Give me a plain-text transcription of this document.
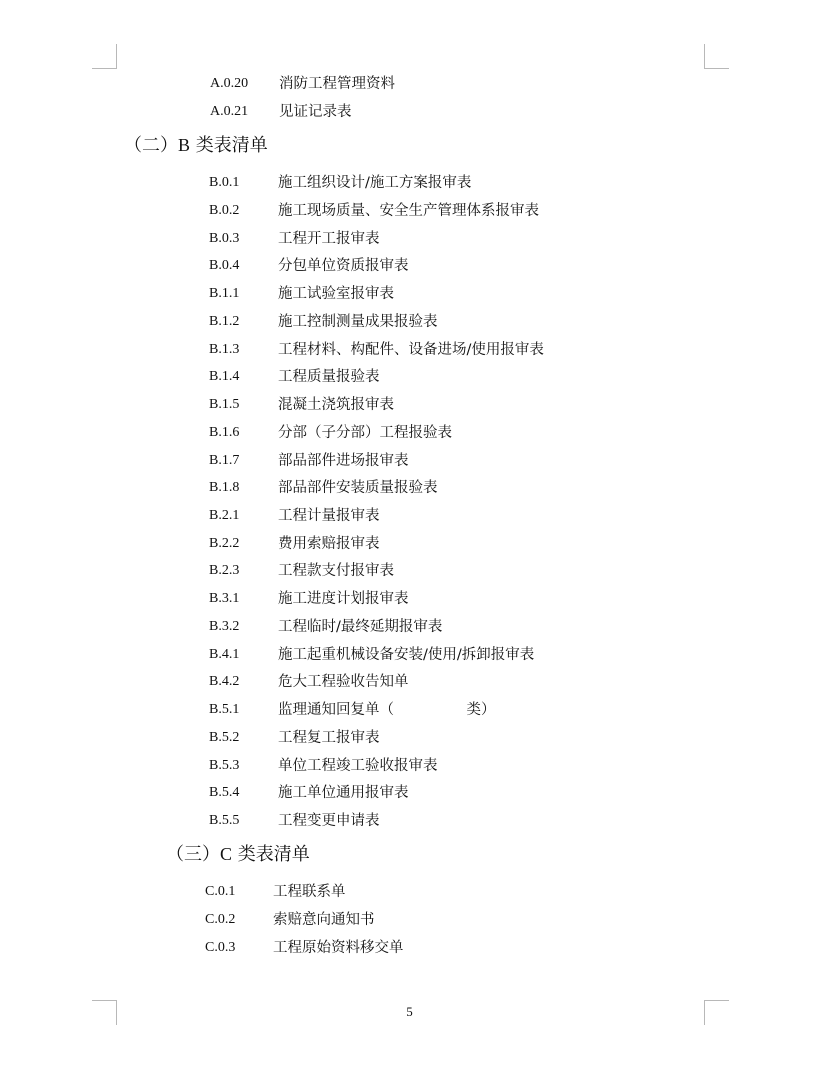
A.0.20 消防工程管理资料
A.0.21 见证记录表
（二）B 类表清单
B.0.1	施工组织设计/施工方案报审表
B.0.2	施工现场质量、安全生产管理体系报审表
B.0.3	工程开工报审表
B.0.4	分包单位资质报审表
B.1.1	施工试验室报审表
B.1.2	施工控制测量成果报验表
B.1.3	工程材料、构配件、设备进场/使用报审表
B.1.4	工程质量报验表
B.1.5	混凝土浇筑报审表
B.1.6	分部（子分部）工程报验表
B.1.7	部品部件进场报审表
B.1.8	部品部件安装质量报验表
B.2.1	工程计量报审表
B.2.2	费用索赔报审表
B.2.3	工程款支付报审表
B.3.1	施工进度计划报审表
B.3.2	工程临时/最终延期报审表
B.4.1	施工起重机械设备安装/使用/拆卸报审表
B.4.2	危大工程验收告知单
B.5.1	监理通知回复单（　　　　　类）
B.5.2	工程复工报审表
B.5.3	单位工程竣工验收报审表
B.5.4	施工单位通用报审表
B.5.5	工程变更申请表
（三）C 类表清单
C.0.1	工程联系单
C.0.2	索赔意向通知书
C.0.3	工程原始资料移交单
5
